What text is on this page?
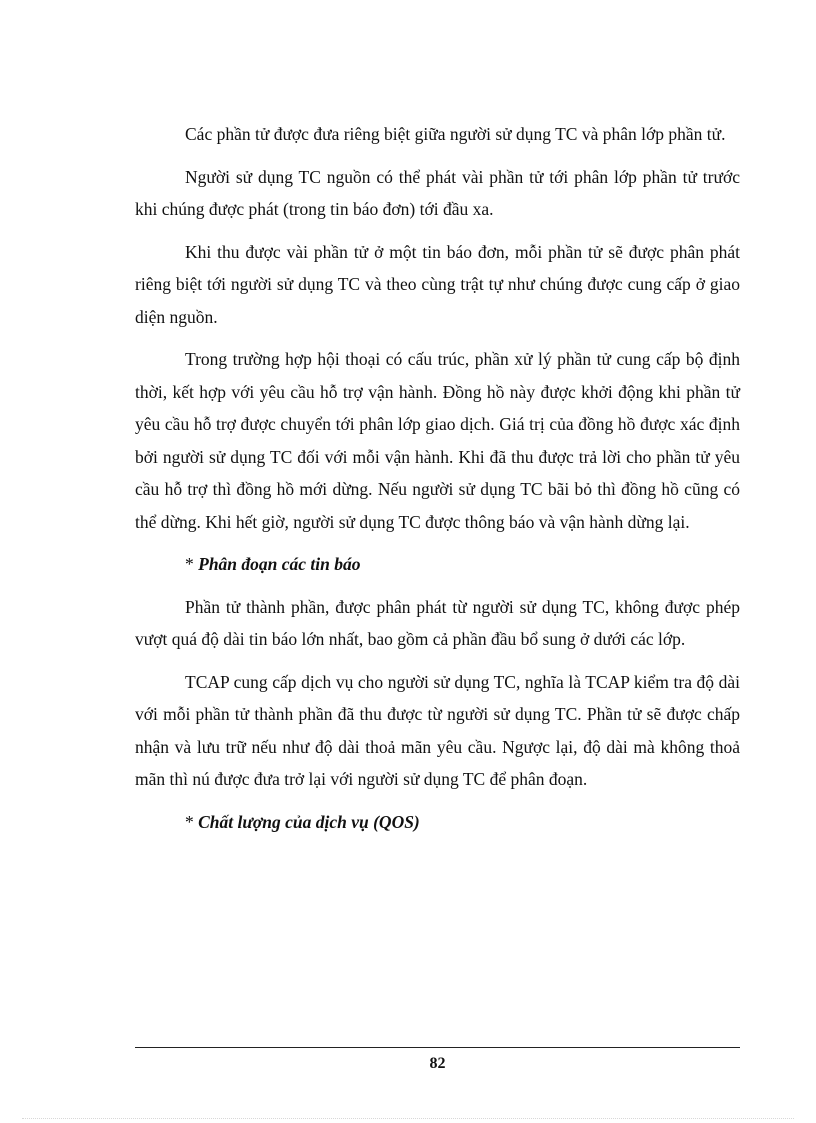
Các phần tử được đưa riêng biệt giữa người sử dụng TC và phân lớp phần tử.

Người sử dụng TC nguồn có thể phát vài phần tử tới phân lớp phần tử trước khi chúng được phát (trong tin báo đơn) tới đầu xa.

Khi thu được vài phần tử ở một tin báo đơn, mỗi phần tử sẽ được phân phát riêng biệt tới người sử dụng TC và theo cùng trật tự như chúng được cung cấp ở giao diện nguồn.

Trong trường hợp hội thoại có cấu trúc, phần xử lý phần tử cung cấp bộ định thời, kết hợp với yêu cầu hỗ trợ vận hành. Đồng hồ này được khởi động khi phần tử yêu cầu hỗ trợ được chuyển tới phân lớp giao dịch. Giá trị của đồng hồ được xác định bởi người sử dụng TC đối với mỗi vận hành. Khi đã thu được trả lời cho phần tử yêu cầu hỗ trợ thì đồng hồ mới dừng. Nếu người sử dụng TC bãi bỏ thì đồng hồ cũng có thể dừng. Khi hết giờ, người sử dụng TC được thông báo và vận hành dừng lại.

* Phân đoạn các tin báo

Phần tử thành phần, được phân phát từ người sử dụng TC, không được phép vượt quá độ dài tin báo lớn nhất, bao gồm cả phần đầu bổ sung ở dưới các lớp.

TCAP cung cấp dịch vụ cho người sử dụng TC, nghĩa là TCAP kiểm tra độ dài với mỗi phần tử thành phần đã thu được từ người sử dụng TC. Phần tử sẽ được chấp nhận và lưu trữ nếu như độ dài thoả mãn yêu cầu. Ngược lại, độ dài mà không thoả mãn thì nú được đưa trở lại với người sử dụng TC để phân đoạn.

* Chất lượng của dịch vụ (QOS)

82
